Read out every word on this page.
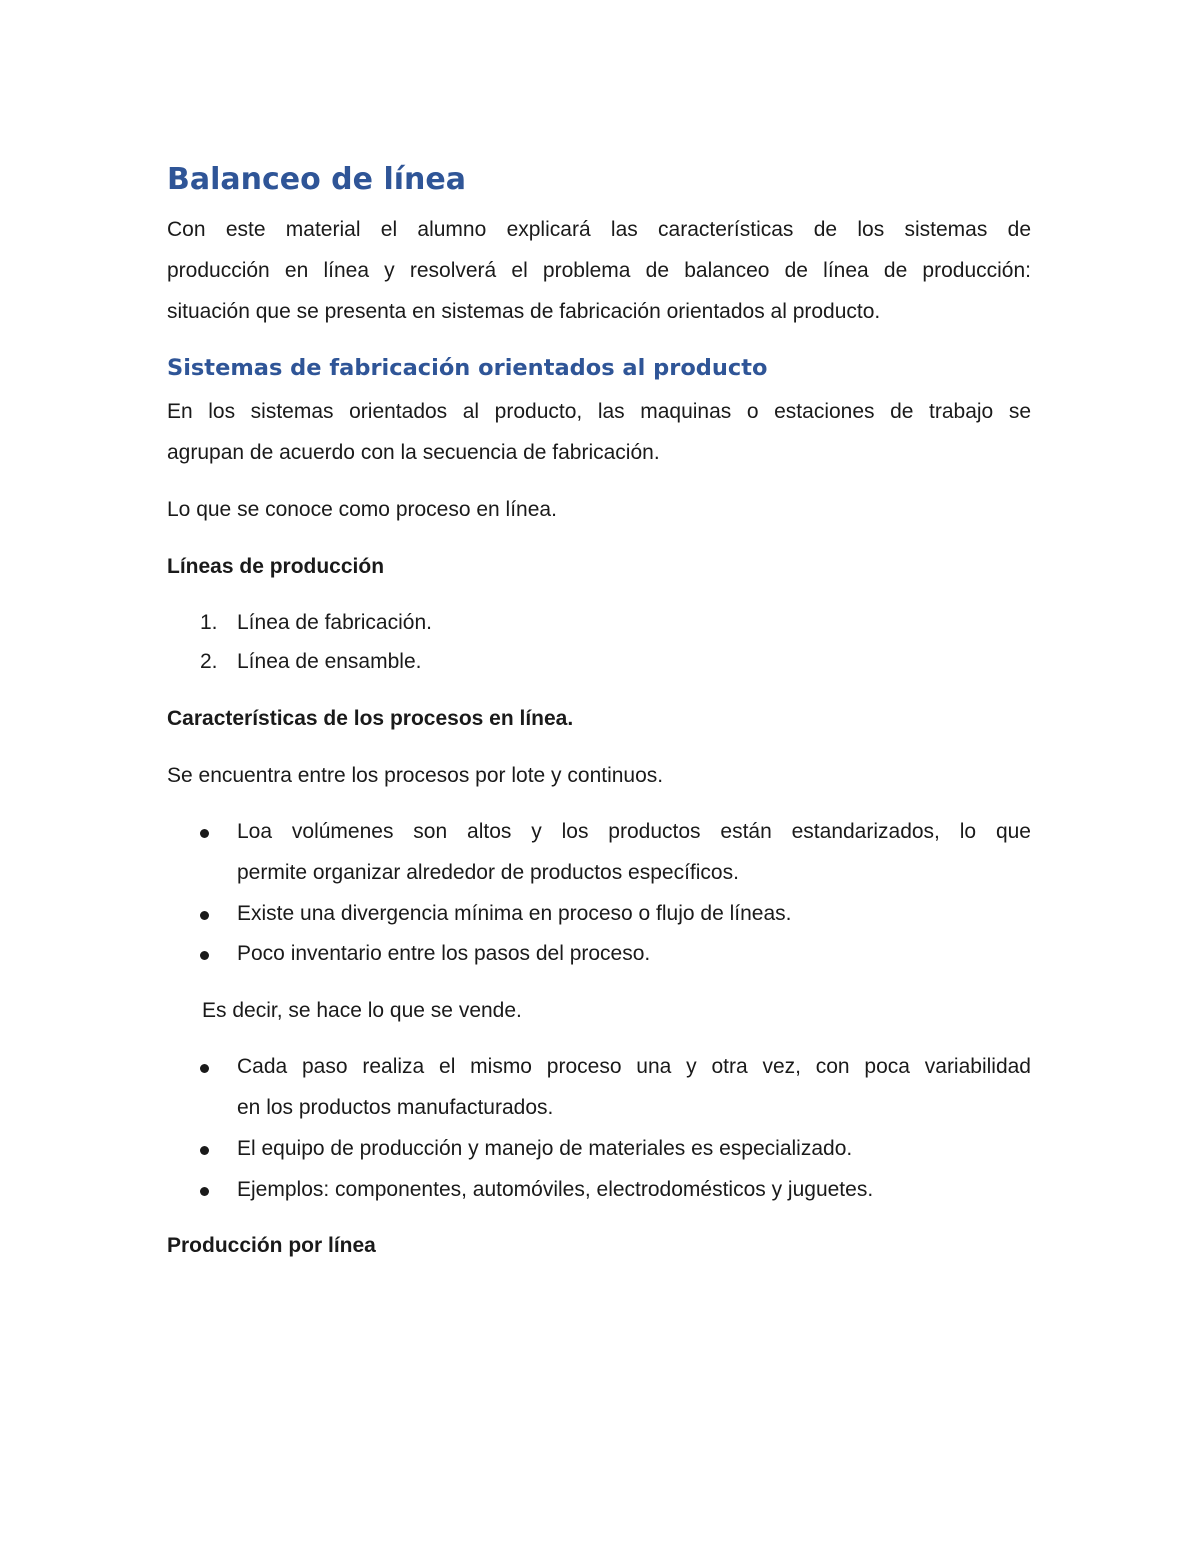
Balanceo de línea

Con este material el alumno explicará las características de los sistemas de

producción en línea y resolverá el problema de balanceo de línea de producción:

situación que se presenta en sistemas de fabricación orientados al producto.

Sistemas de fabricación orientados al producto

En los sistemas orientados al producto, las maquinas o estaciones de trabajo se

agrupan de acuerdo con la secuencia de fabricación.

Lo que se conoce como proceso en línea.

Líneas de producción

1. Línea de fabricación.
2. Línea de ensamble.

Características de los procesos en línea.

Se encuentra entre los procesos por lote y continuos.

Loa volúmenes son altos y los productos están estandarizados, lo que

permite organizar alrededor de productos específicos.

Existe una divergencia mínima en proceso o flujo de líneas.

Poco inventario entre los pasos del proceso.

Es decir, se hace lo que se vende.

Cada paso realiza el mismo proceso una y otra vez, con poca variabilidad

en los productos manufacturados.

El equipo de producción y manejo de materiales es especializado.

Ejemplos: componentes, automóviles, electrodomésticos y juguetes.

Producción por línea
